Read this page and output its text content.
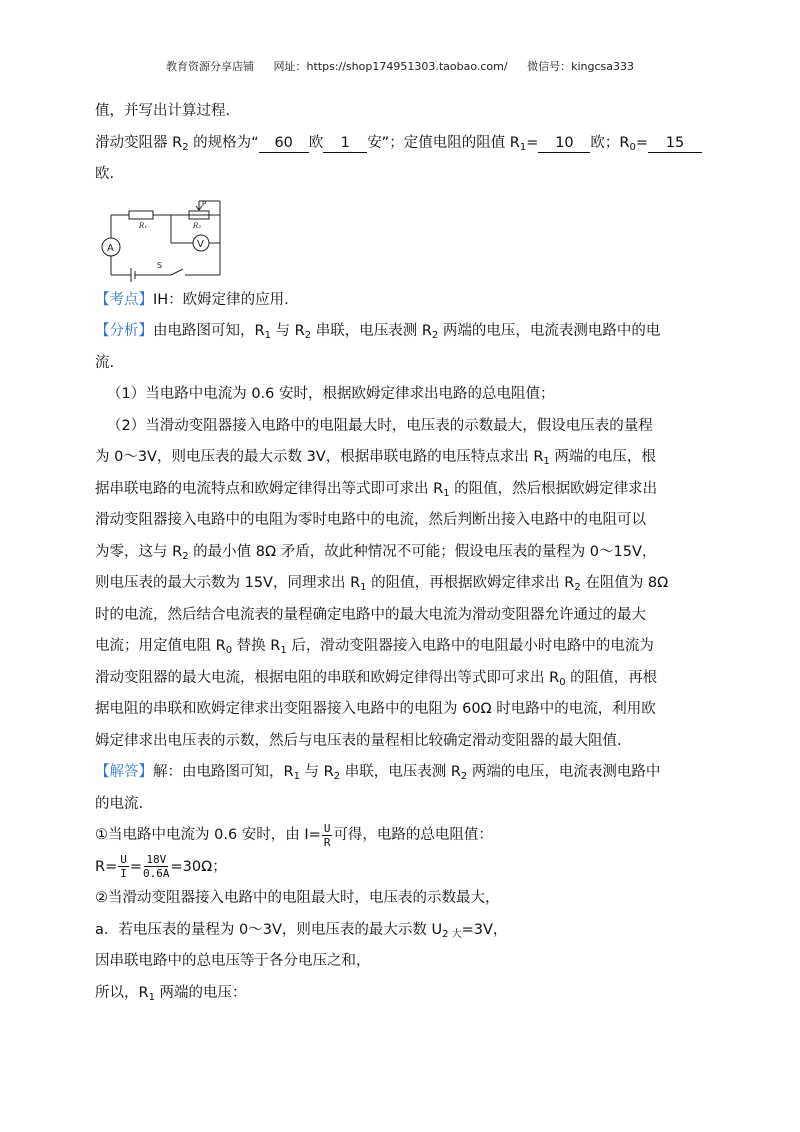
教育资源分享店铺 网址：https://shop174951303.taobao.com/ 微信号：kingcsa333
值，并写出计算过程.
滑动变阻器 $R_2$ 的规格为“ 60 欧 1 安”；定值电阻的阻值 $R_1= 10$ 欧；$R_0= 15$
欧.
R₁	R₂
P
V
A
S
【考点】IH：欧姆定律的应用.
【分析】由电路图可知，$R_1$ 与 $R_2$ 串联，电压表测 $R_2$ 两端的电压，电流表测电路中的电
流.
（1）当电路中电流为 0.6 安时，根据欧姆定律求出电路的总电阻值；
（2）当滑动变阻器接入电路中的电阻最大时，电压表的示数最大，假设电压表的量程
为 0～3V，则电压表的最大示数 3V，根据串联电路的电压特点求出 $R_1$ 两端的电压，根
据串联电路的电流特点和欧姆定律得出等式即可求出 $R_1$ 的阻值，然后根据欧姆定律求出
滑动变阻器接入电路中的电阻为零时电路中的电流，然后判断出接入电路中的电阻可以
为零，这与 $R_2$ 的最小值 8Ω 矛盾，故此种情况不可能；假设电压表的量程为 0～15V，
则电压表的最大示数为 15V，同理求出 $R_1$ 的阻值，再根据欧姆定律求出 $R_2$ 在阻值为 8Ω
时的电流，然后结合电流表的量程确定电路中的最大电流为滑动变阻器允许通过的最大
电流；用定值电阻 $R_0$ 替换 $R_1$ 后，滑动变阻器接入电路中的电阻最小时电路中的电流为
滑动变阻器的最大电流，根据电阻的串联和欧姆定律得出等式即可求出 $R_0$ 的阻值，再根
据电阻的串联和欧姆定律求出变阻器接入电路中的电阻为 60Ω 时电路中的电流，利用欧
姆定律求出电压表的示数，然后与电压表的量程相比较确定滑动变阻器的最大阻值.
【解答】解：由电路图可知，$R_1$ 与 $R_2$ 串联，电压表测 $R_2$ 两端的电压，电流表测电路中
的电流.
①当电路中电流为 0.6 安时，由 $I= \frac{U}{R}$ 可得，电路的总电阻值：
$R= \frac{U}{I} = \frac{18V}{0.6A} =30\Omega$；
②当滑动变阻器接入电路中的电阻最大时，电压表的示数最大，
a．若电压表的量程为 0～3V，则电压表的最大示数 $U_{2 大}=3V$，
因串联电路中的总电压等于各分电压之和，
所以，$R_1$ 两端的电压：
